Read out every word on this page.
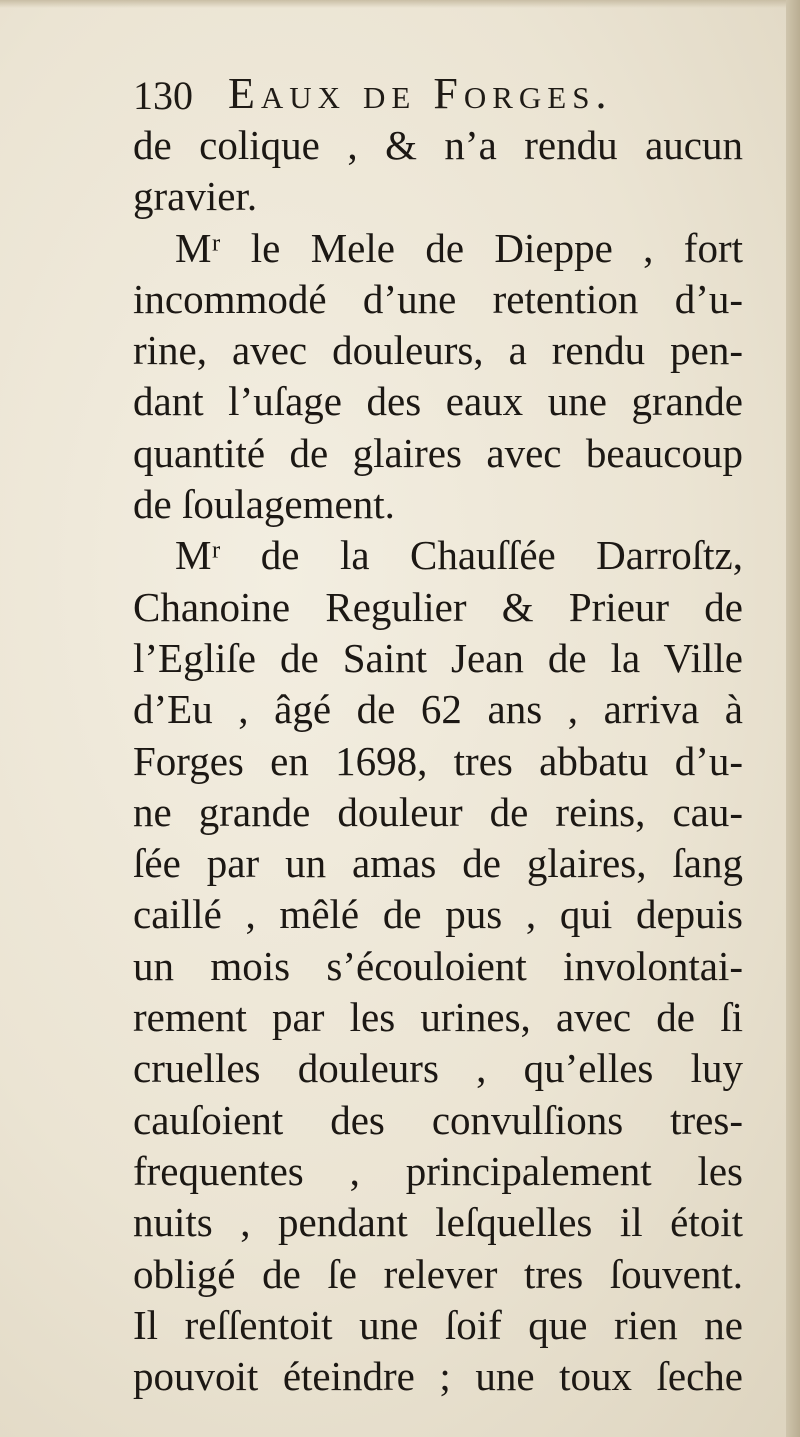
130 Eaux de Forges.
de colique , & n’a rendu aucun
gravier.
Mʳ le Mele de Dieppe , fort
incommodé d’une retention d’u-
rine, avec douleurs, a rendu pen-
dant l’uſage des eaux une grande
quantité de glaires avec beaucoup
de ſoulagement.
Mʳ de la Chauſſée Darroſtz,
Chanoine Regulier & Prieur de
l’Egliſe de Saint Jean de la Ville
d’Eu , âgé de 62 ans , arriva à
Forges en 1698, tres abbatu d’u-
ne grande douleur de reins, cau-
ſée par un amas de glaires, ſang
caillé , mêlé de pus , qui depuis
un mois s’écouloient involontai-
rement par les urines, avec de ſi
cruelles douleurs , qu’elles luy
cauſoient des convulſions tres-
frequentes , principalement les
nuits , pendant leſquelles il étoit
obligé de ſe relever tres ſouvent.
Il reſſentoit une ſoif que rien ne
pouvoit éteindre ; une toux ſeche
